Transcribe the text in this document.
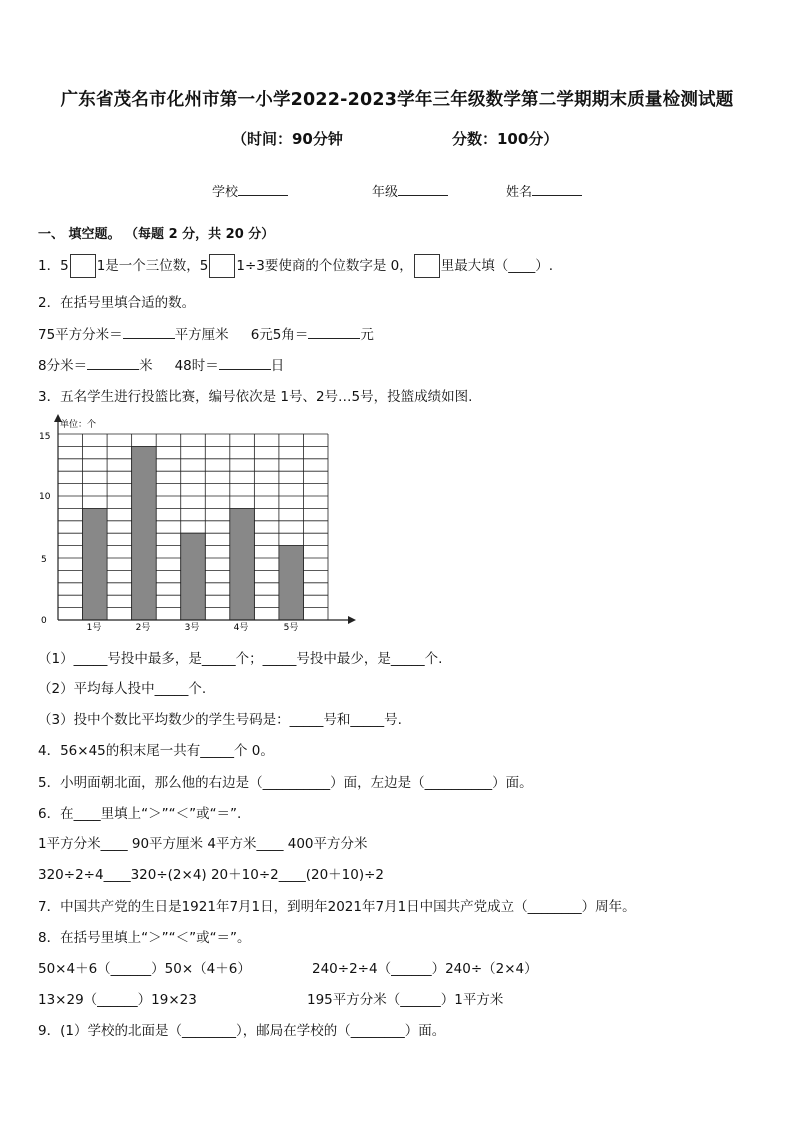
广东省茂名市化州市第一小学2022-2023学年三年级数学第二学期期末质量检测试题
（时间：90分钟	分数：100分）
学校	年级	姓名
一、 填空题。 （每题 2 分，共 20 分）
1．5 1是一个三位数，5 1÷3要使商的个位数字是 0， 里最大填（____）.
2．在括号里填合适的数。
75平方分米＝	平方厘米 6元5角＝	元
8分米＝	米 48时＝	日
3．五名学生进行投篮比赛，编号依次是 1号、2号…5号，投篮成绩如图.
单位：个
15
10
5
0
1号	2号	3号	4号	5号
（1）_____号投中最多，是_____个；_____号投中最少，是_____个.
（2）平均每人投中_____个.
（3）投中个数比平均数少的学生号码是：_____号和_____号.
4．56×45的积末尾一共有_____个 0。
5．小明面朝北面，那么他的右边是（__________）面，左边是（__________）面。
6．在____里填上“＞”“＜”或“＝”.
1平方分米____ 90平方厘米 4平方米____ 400平方分米
320÷2÷4____320÷(2×4) 20＋10÷2____(20＋10)÷2
7．中国共产党的生日是1921年7月1日，到明年2021年7月1日中国共产党成立（________）周年。
8．在括号里填上“＞”“＜”或“＝”。
50×4＋6（______）50×（4＋6）	240÷2÷4（______）240÷（2×4）
13×29（______）19×23	195平方分米（______）1平方米
9．(1）学校的北面是（________），邮局在学校的（________）面。
